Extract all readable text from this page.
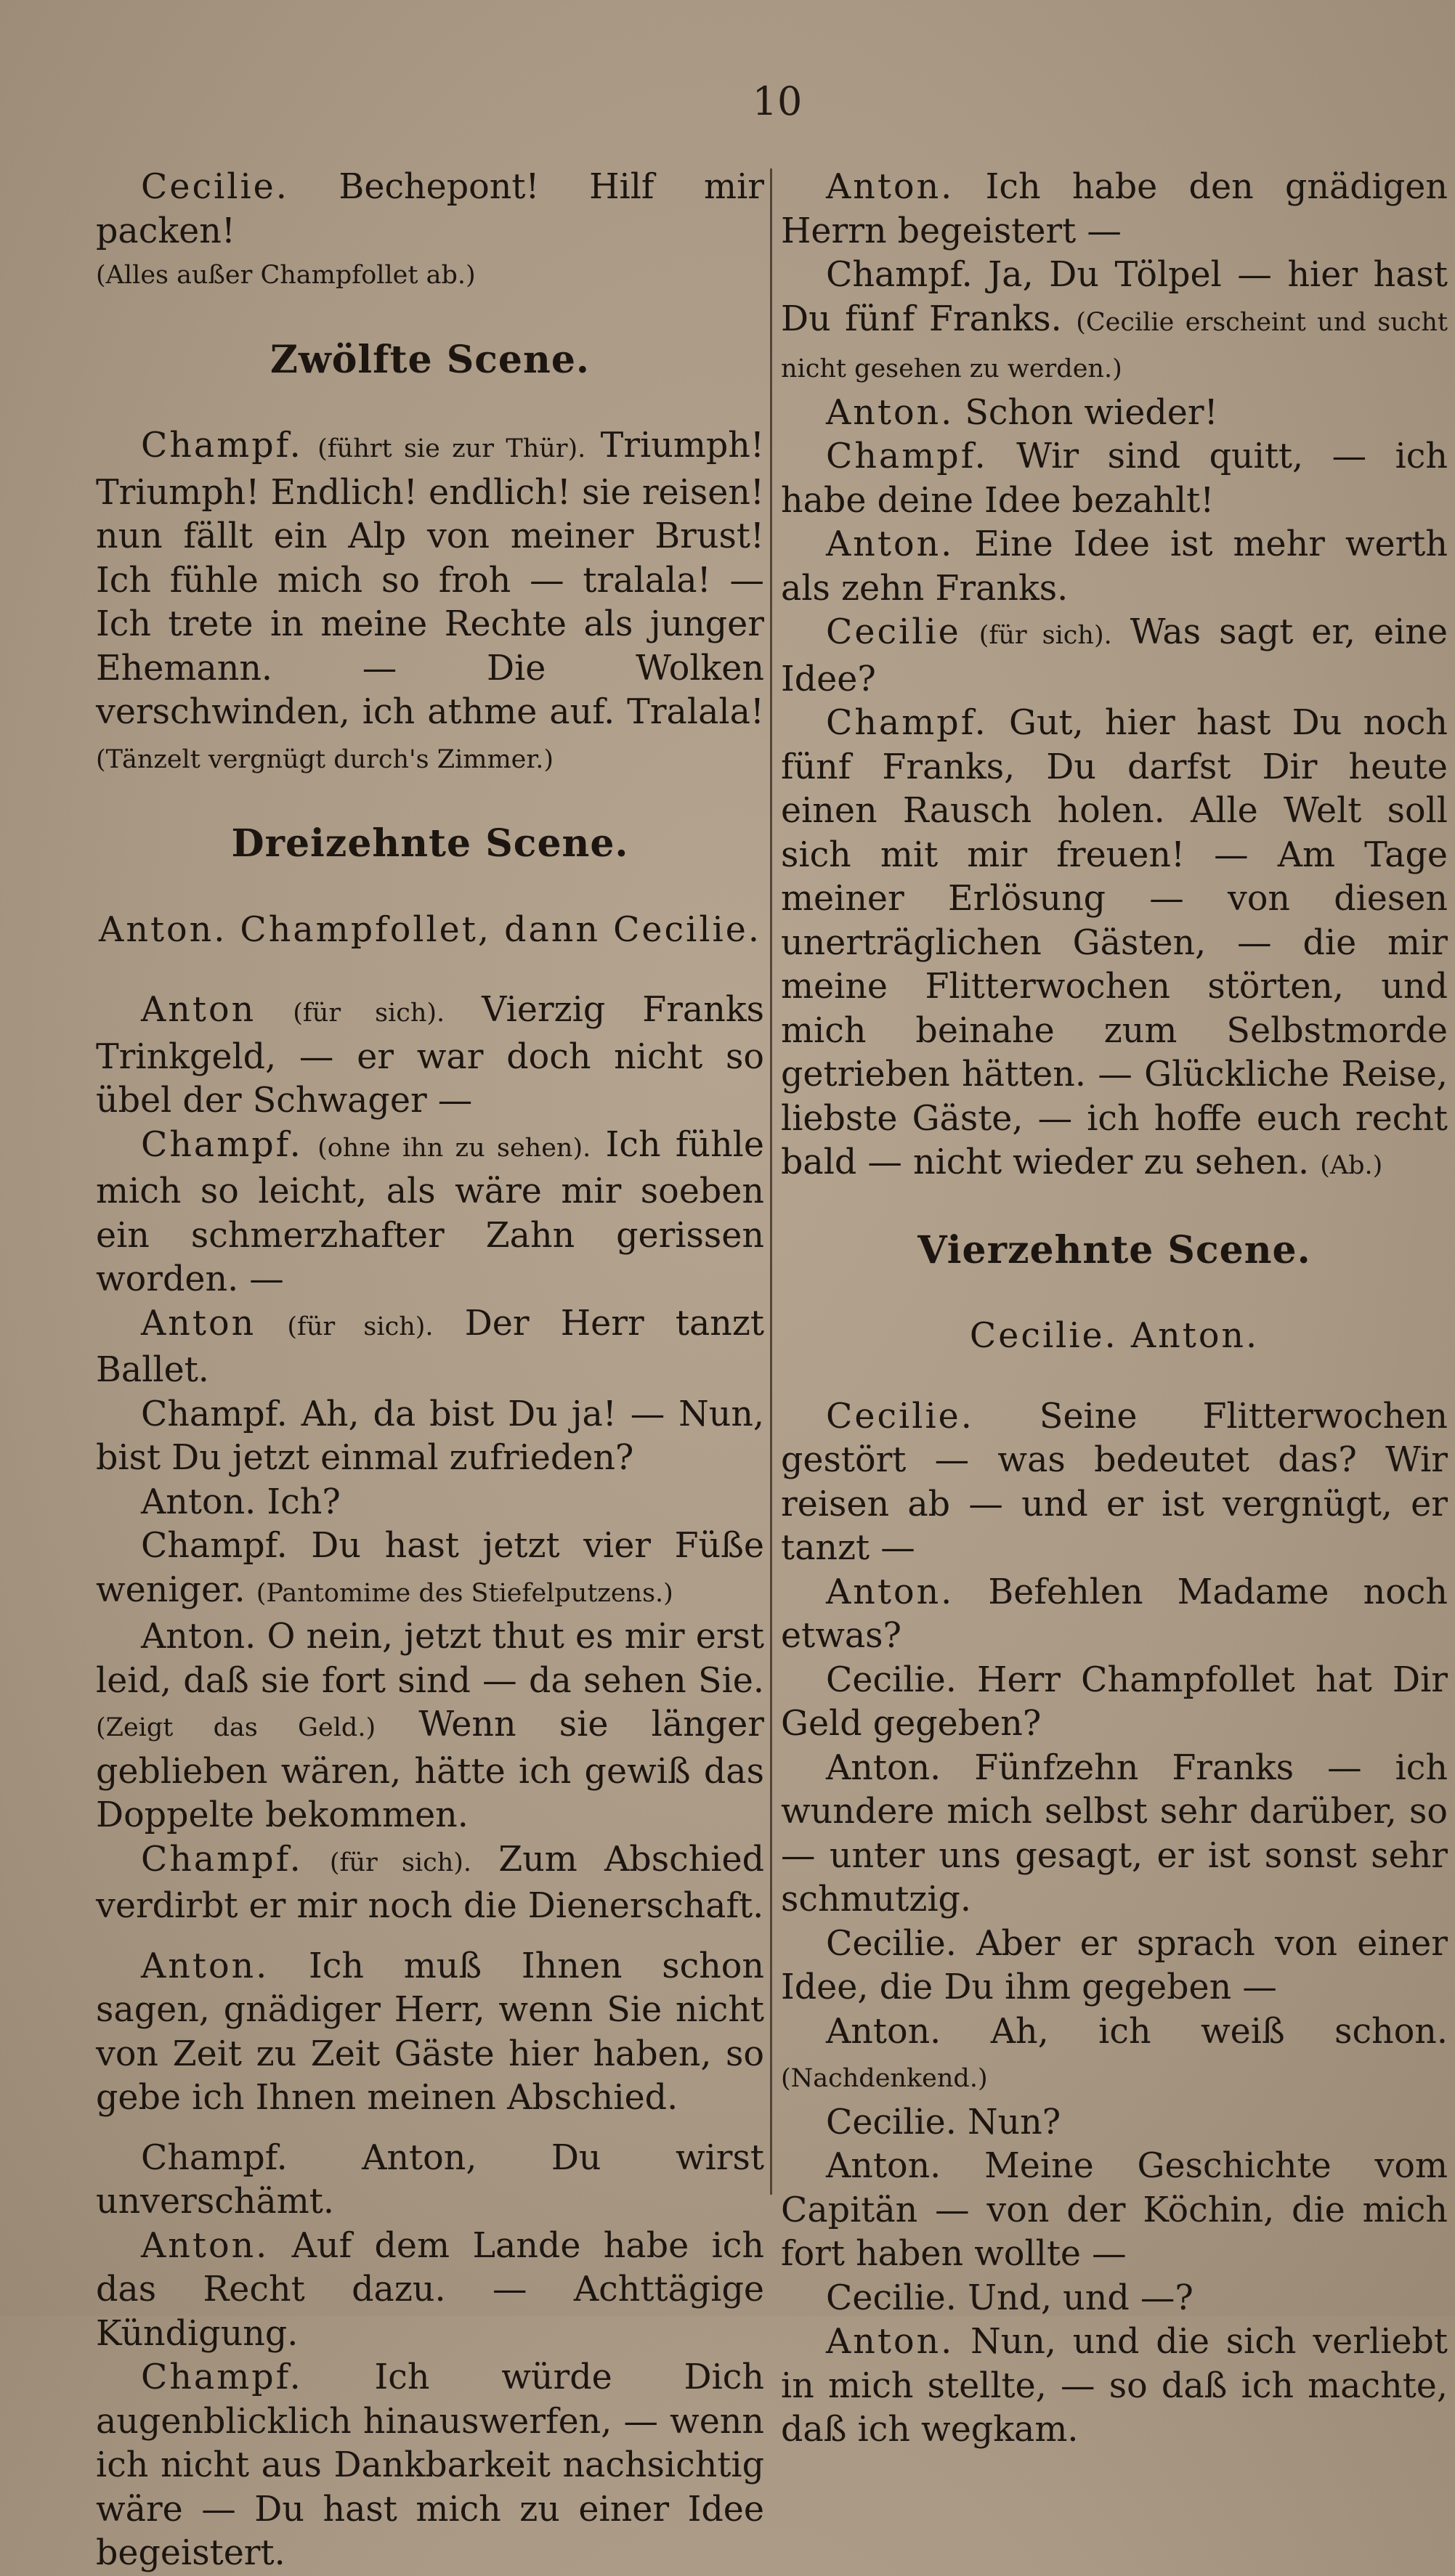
10

Cecilie. Bechepont! Hilf mir packen!

(Alles außer Champfollet ab.)

Zwölfte Scene.

Champf. (führt sie zur Thür). Triumph! Triumph! Endlich! endlich! sie reisen! nun fällt ein Alp von meiner Brust! Ich fühle mich so froh — tralala! — Ich trete in meine Rechte als junger Ehemann. — Die Wolken verschwinden, ich athme auf. Tralala! (Tänzelt vergnügt durch's Zimmer.)

Dreizehnte Scene.
Anton. Champfollet, dann Cecilie.

Anton (für sich). Vierzig Franks Trinkgeld, — er war doch nicht so übel der Schwager —

Champf. (ohne ihn zu sehen). Ich fühle mich so leicht, als wäre mir soeben ein schmerzhafter Zahn gerissen worden. —

Anton (für sich). Der Herr tanzt Ballet.

Champf. Ah, da bist Du ja! — Nun, bist Du jetzt einmal zufrieden?

Anton. Ich?

Champf. Du hast jetzt vier Füße weniger. (Pantomime des Stiefelputzens.)

Anton. O nein, jetzt thut es mir erst leid, daß sie fort sind — da sehen Sie. (Zeigt das Geld.) Wenn sie länger geblieben wären, hätte ich gewiß das Doppelte bekommen.

Champf. (für sich). Zum Abschied verdirbt er mir noch die Dienerschaft.

Anton. Ich muß Ihnen schon sagen, gnädiger Herr, wenn Sie nicht von Zeit zu Zeit Gäste hier haben, so gebe ich Ihnen meinen Abschied.

Champf. Anton, Du wirst unverschämt.

Anton. Auf dem Lande habe ich das Recht dazu. — Achttägige Kündigung.

Champf. Ich würde Dich augenblicklich hinauswerfen, — wenn ich nicht aus Dankbarkeit nachsichtig wäre — Du hast mich zu einer Idee begeistert.

Anton. Ich habe den gnädigen Herrn begeistert —

Champf. Ja, Du Tölpel — hier hast Du fünf Franks. (Cecilie erscheint und sucht nicht gesehen zu werden.)

Anton. Schon wieder!

Champf. Wir sind quitt, — ich habe deine Idee bezahlt!

Anton. Eine Idee ist mehr werth als zehn Franks.

Cecilie (für sich). Was sagt er, eine Idee?

Champf. Gut, hier hast Du noch fünf Franks, Du darfst Dir heute einen Rausch holen. Alle Welt soll sich mit mir freuen! — Am Tage meiner Erlösung — von diesen unerträglichen Gästen, — die mir meine Flitterwochen störten, und mich beinahe zum Selbstmorde getrieben hätten. — Glückliche Reise, liebste Gäste, — ich hoffe euch recht bald — nicht wieder zu sehen. (Ab.)

Vierzehnte Scene.
Cecilie. Anton.

Cecilie. Seine Flitterwochen gestört — was bedeutet das? Wir reisen ab — und er ist vergnügt, er tanzt —

Anton. Befehlen Madame noch etwas?

Cecilie. Herr Champfollet hat Dir Geld gegeben?

Anton. Fünfzehn Franks — ich wundere mich selbst sehr darüber, so — unter uns gesagt, er ist sonst sehr schmutzig.

Cecilie. Aber er sprach von einer Idee, die Du ihm gegeben —

Anton. Ah, ich weiß schon. (Nachdenkend.)

Cecilie. Nun?

Anton. Meine Geschichte vom Capitän — von der Köchin, die mich fort haben wollte —

Cecilie. Und, und —?

Anton. Nun, und die sich verliebt in mich stellte, — so daß ich machte, daß ich wegkam.
